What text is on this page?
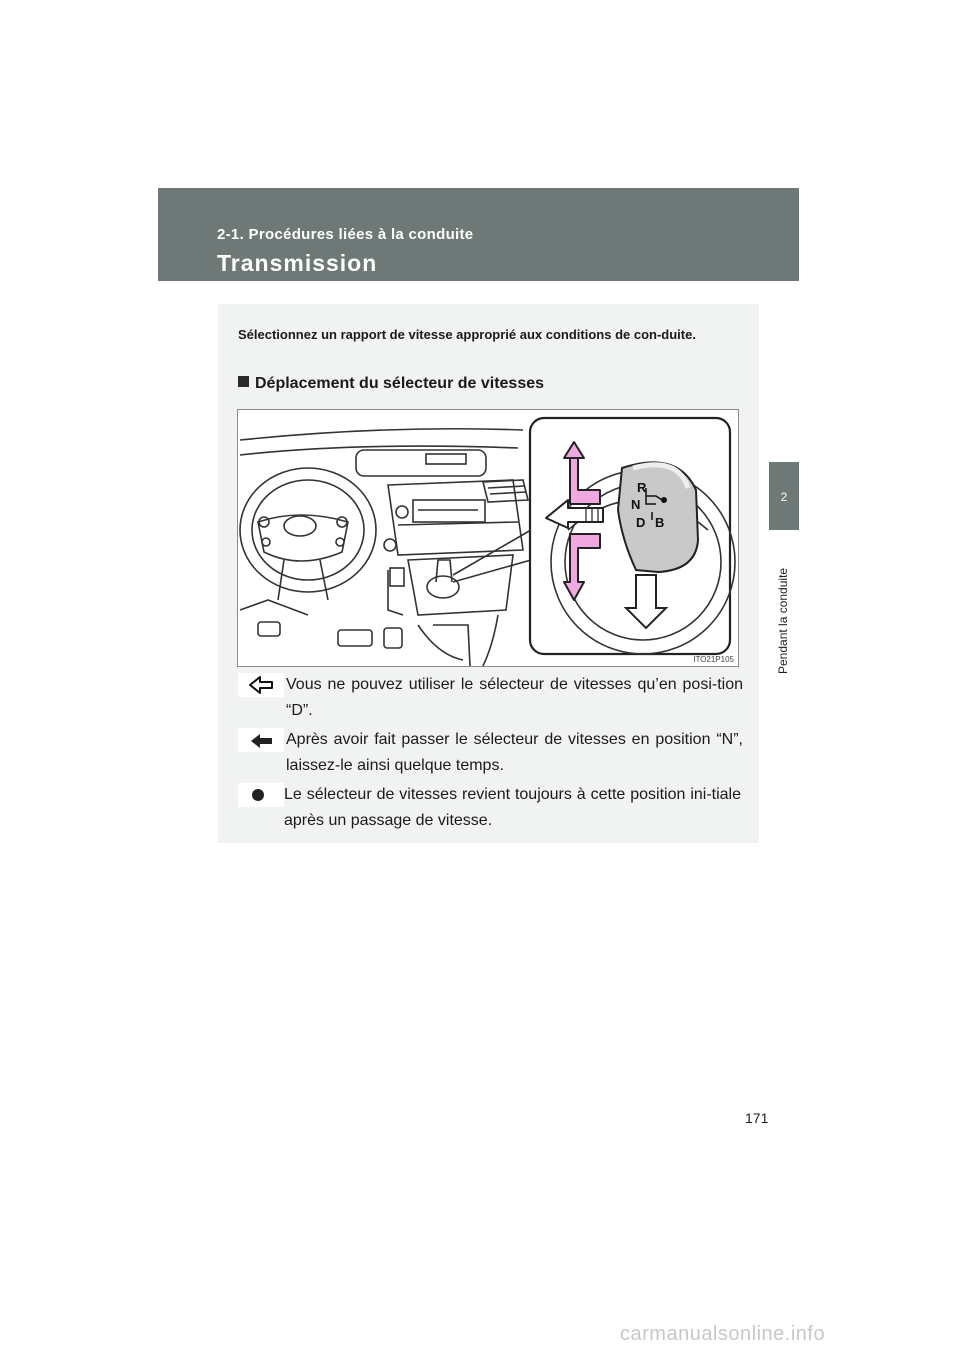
2-1. Procédures liées à la conduite
Transmission
2
Pendant la conduite
Sélectionnez un rapport de vitesse approprié aux conditions de con-duite.
Déplacement du sélecteur de vitesses
R
N
D B
ITO21P105
Vous ne pouvez utiliser le sélecteur de vitesses qu’en posi-tion “D”.
Après avoir fait passer le sélecteur de vitesses en position “N”, laissez-le ainsi quelque temps.
Le sélecteur de vitesses revient toujours à cette position ini-tiale après un passage de vitesse.
171
carmanualsonline.info
